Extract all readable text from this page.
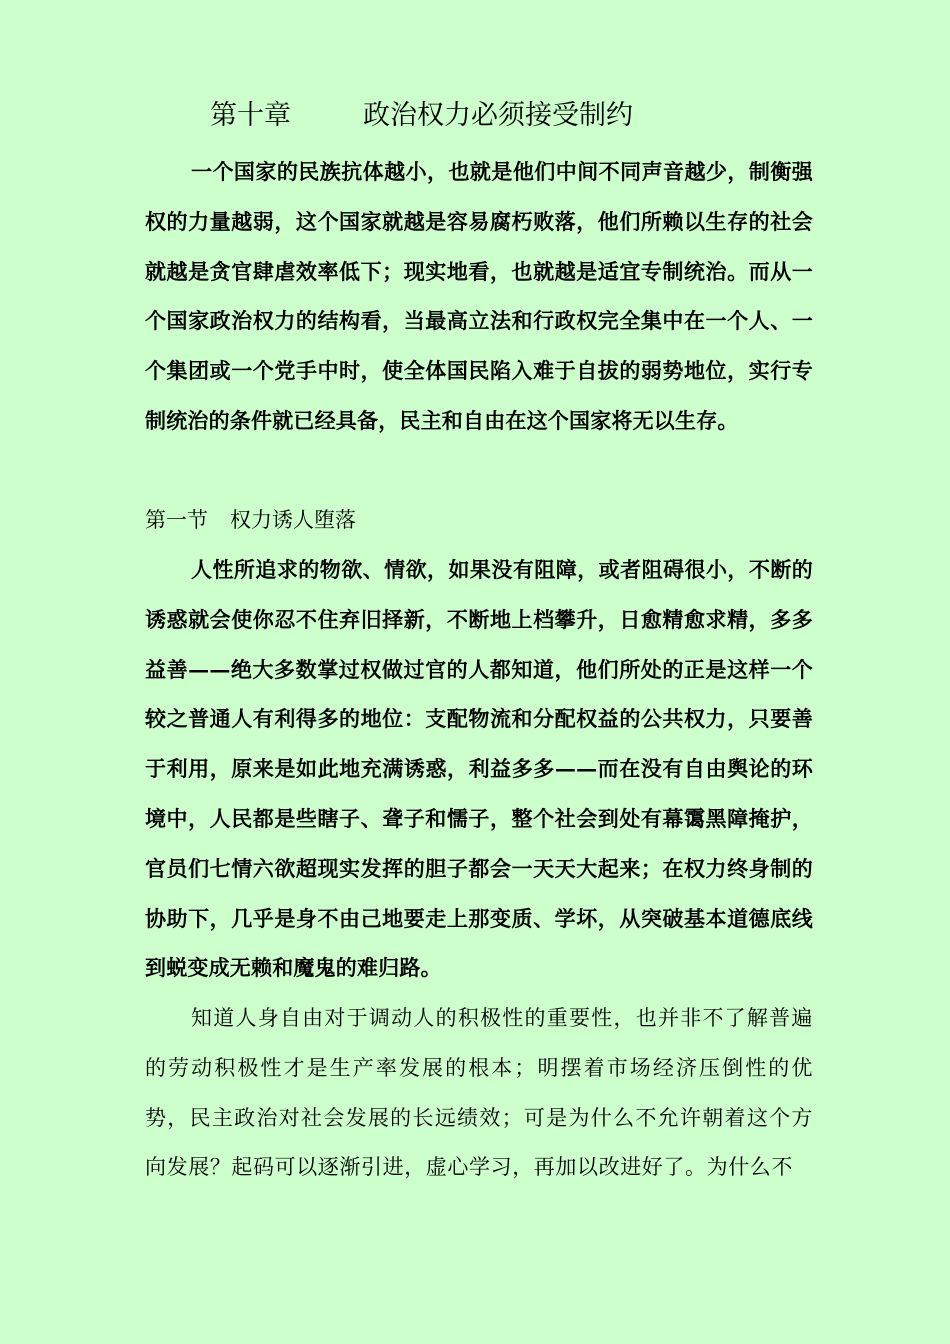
第十章	政治权力必须接受制约
一个国家的民族抗体越小，也就是他们中间不同声音越少，制衡强权的力量越弱，这个国家就越是容易腐朽败落，他们所赖以生存的社会就越是贪官肆虐效率低下；现实地看，也就越是适宜专制统治。而从一个国家政治权力的结构看，当最高立法和行政权完全集中在一个人、一个集团或一个党手中时，使全体国民陷入难于自拔的弱势地位，实行专制统治的条件就已经具备，民主和自由在这个国家将无以生存。
第一节 权力诱人堕落
人性所追求的物欲、情欲，如果没有阻障，或者阻碍很小，不断的诱惑就会使你忍不住弃旧择新，不断地上档攀升，日愈精愈求精，多多益善——绝大多数掌过权做过官的人都知道，他们所处的正是这样一个较之普通人有利得多的地位：支配物流和分配权益的公共权力，只要善于利用，原来是如此地充满诱惑，利益多多——而在没有自由舆论的环境中，人民都是些瞎子、聋子和懦子，整个社会到处有幕霭黑障掩护，官员们七情六欲超现实发挥的胆子都会一天天大起来；在权力终身制的协助下，几乎是身不由己地要走上那变质、学坏，从突破基本道德底线到蜕变成无赖和魔鬼的难归路。
知道人身自由对于调动人的积极性的重要性，也并非不了解普遍的劳动积极性才是生产率发展的根本；明摆着市场经济压倒性的优势，民主政治对社会发展的长远绩效；可是为什么不允许朝着这个方向发展？起码可以逐渐引进，虚心学习，再加以改进好了。为什么不
